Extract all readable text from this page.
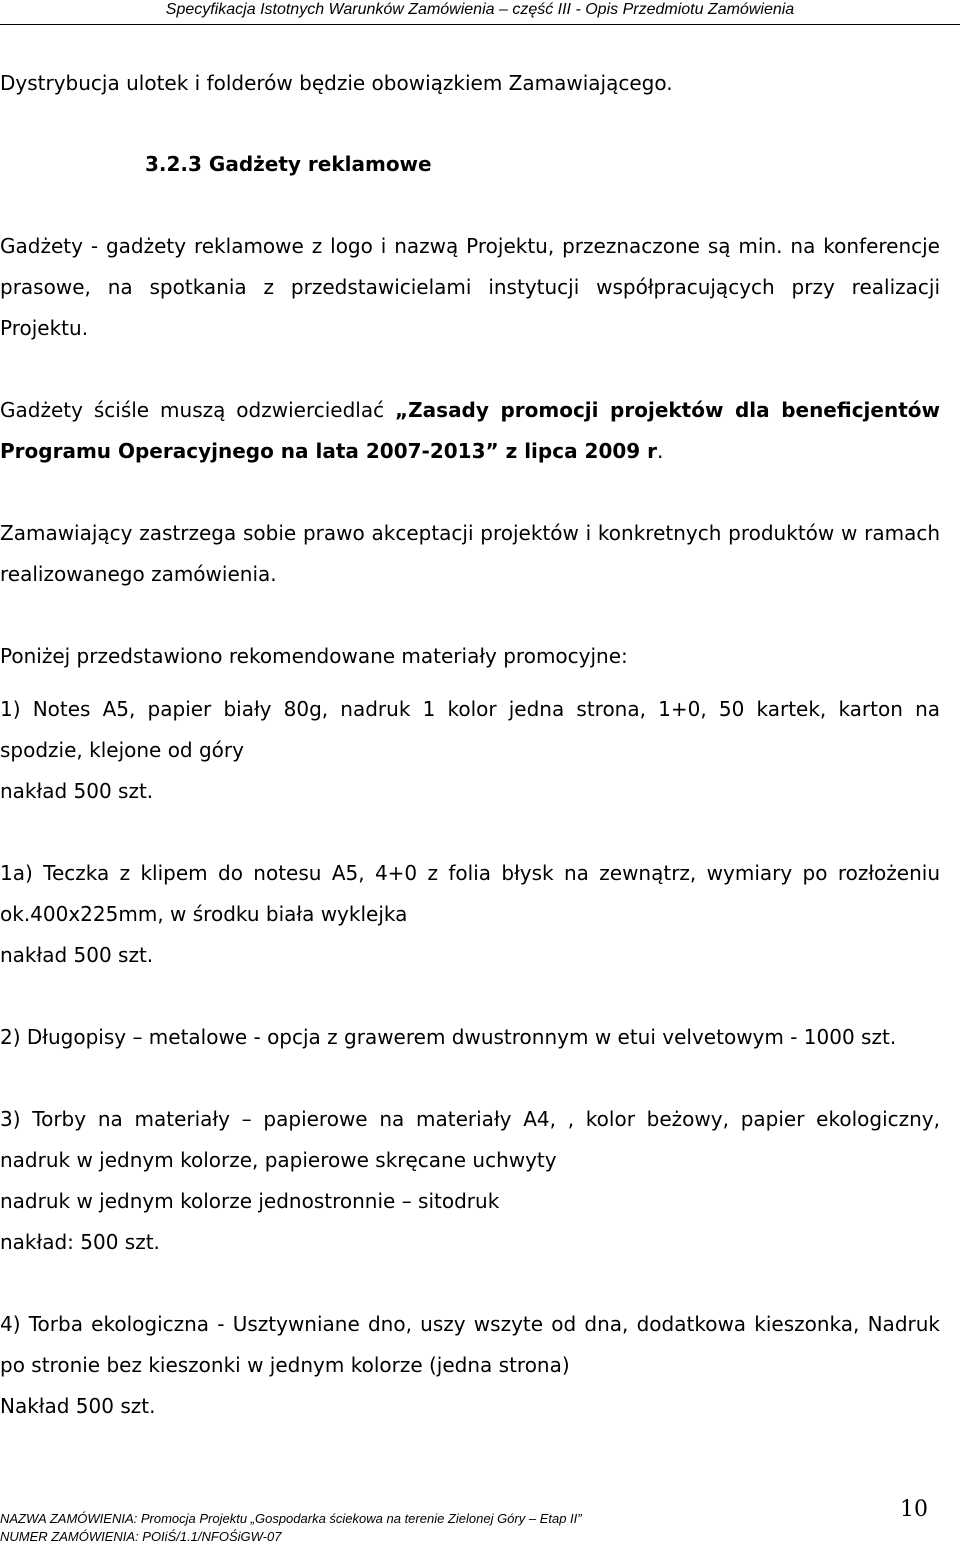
Specyfikacja Istotnych Warunków Zamówienia – część III - Opis Przedmiotu Zamówienia

Dystrybucja ulotek i folderów będzie obowiązkiem Zamawiającego.

3.2.3 Gadżety reklamowe

Gadżety - gadżety reklamowe z logo i nazwą Projektu, przeznaczone są min. na konferencje prasowe, na spotkania z przedstawicielami instytucji współpracujących przy realizacji Projektu.

Gadżety ściśle muszą odzwierciedlać „Zasady promocji projektów dla beneficjentów Programu Operacyjnego na lata 2007-2013” z lipca 2009 r.

Zamawiający zastrzega sobie prawo akceptacji projektów i konkretnych produktów w ramach realizowanego zamówienia.

Poniżej przedstawiono rekomendowane materiały promocyjne:

1) Notes A5, papier biały 80g, nadruk 1 kolor jedna strona, 1+0, 50 kartek, karton na spodzie, klejone od góry

nakład 500 szt.

1a) Teczka z klipem do notesu A5, 4+0 z folia błysk na zewnątrz, wymiary po rozłożeniu ok.400x225mm, w środku biała wyklejka

nakład 500 szt.

2) Długopisy – metalowe - opcja z grawerem dwustronnym w etui velvetowym - 1000 szt.

3) Torby na materiały – papierowe na materiały A4, , kolor beżowy, papier ekologiczny, nadruk w jednym kolorze, papierowe skręcane uchwyty

nadruk w jednym kolorze jednostronnie – sitodruk

nakład: 500 szt.

4) Torba ekologiczna - Usztywniane dno, uszy wszyte od dna, dodatkowa kieszonka, Nadruk po stronie bez kieszonki w jednym kolorze (jedna strona)

Nakład 500 szt.

NAZWA ZAMÓWIENIA: Promocja Projektu „Gospodarka ściekowa na terenie Zielonej Góry – Etap II”
NUMER ZAMÓWIENIA: POIiŚ/1.1/NFOŚiGW-07
10
